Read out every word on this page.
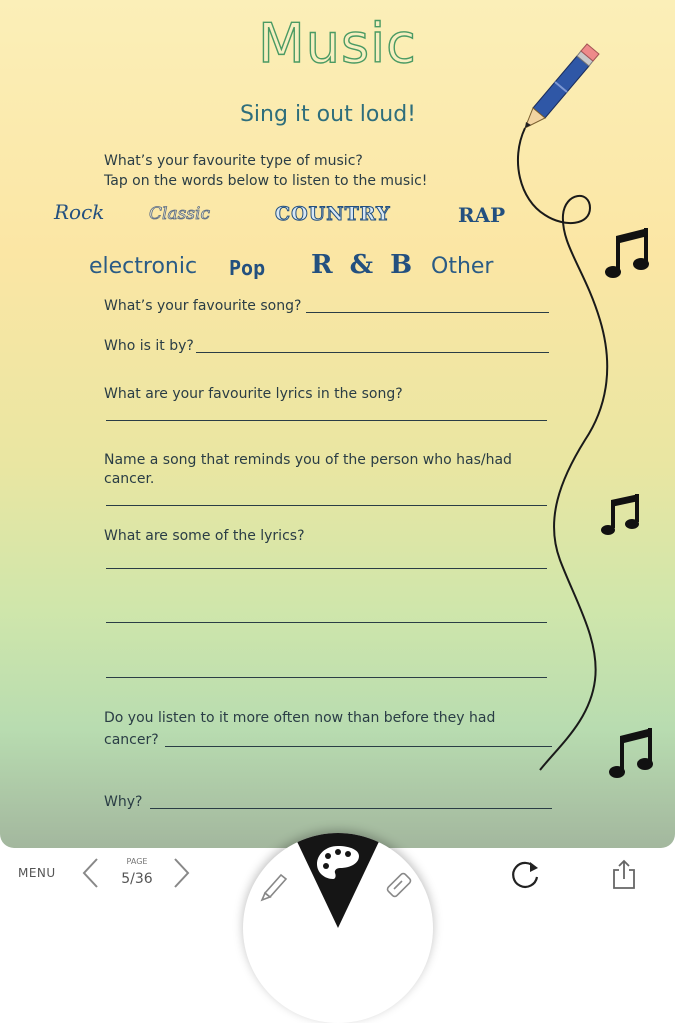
Music
Sing it out loud!
What’s your favourite type of music?
Tap on the words below to listen to the music!
Rock	Classic	COUNTRY	RAP
electronic Pop R & B Other
What’s your favourite song?
Who is it by?
What are your favourite lyrics in the song?
Name a song that reminds you of the person who has/had
cancer.
What are some of the lyrics?
Do you listen to it more often now than before they had
cancer?
Why?
MENU
PAGE
5/36
